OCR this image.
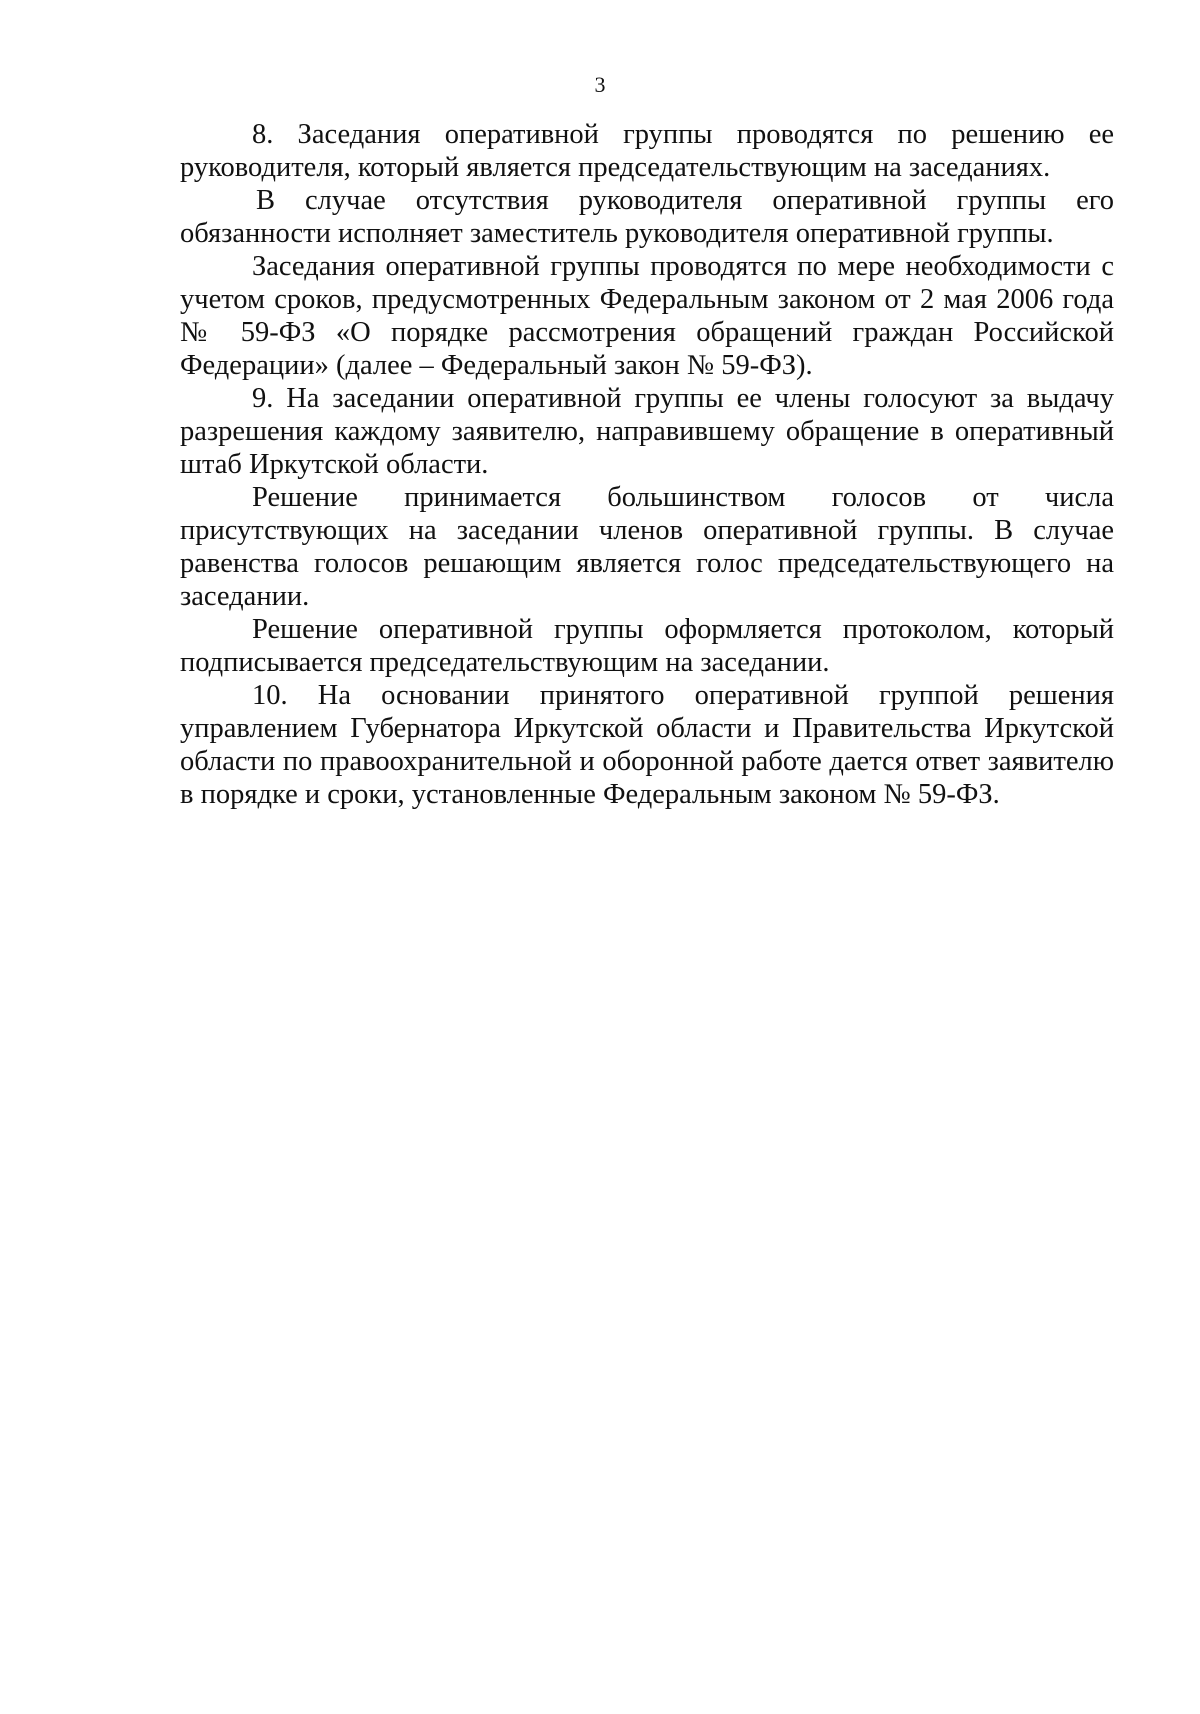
3

8. Заседания оперативной группы проводятся по решению ее руководителя, который является председательствующим на заседаниях.

В случае отсутствия руководителя оперативной группы его обязанности исполняет заместитель руководителя оперативной группы.

Заседания оперативной группы проводятся по мере необходимости с учетом сроков, предусмотренных Федеральным законом от 2 мая 2006 года № 59-ФЗ «О порядке рассмотрения обращений граждан Российской Федерации» (далее – Федеральный закон № 59-ФЗ).

9. На заседании оперативной группы ее члены голосуют за выдачу разрешения каждому заявителю, направившему обращение в оперативный штаб Иркутской области.

Решение принимается большинством голосов от числа присутствующих на заседании членов оперативной группы. В случае равенства голосов решающим является голос председательствующего на заседании.

Решение оперативной группы оформляется протоколом, который подписывается председательствующим на заседании.

10. На основании принятого оперативной группой решения управлением Губернатора Иркутской области и Правительства Иркутской области по правоохранительной и оборонной работе дается ответ заявителю в порядке и сроки, установленные Федеральным законом № 59-ФЗ.
